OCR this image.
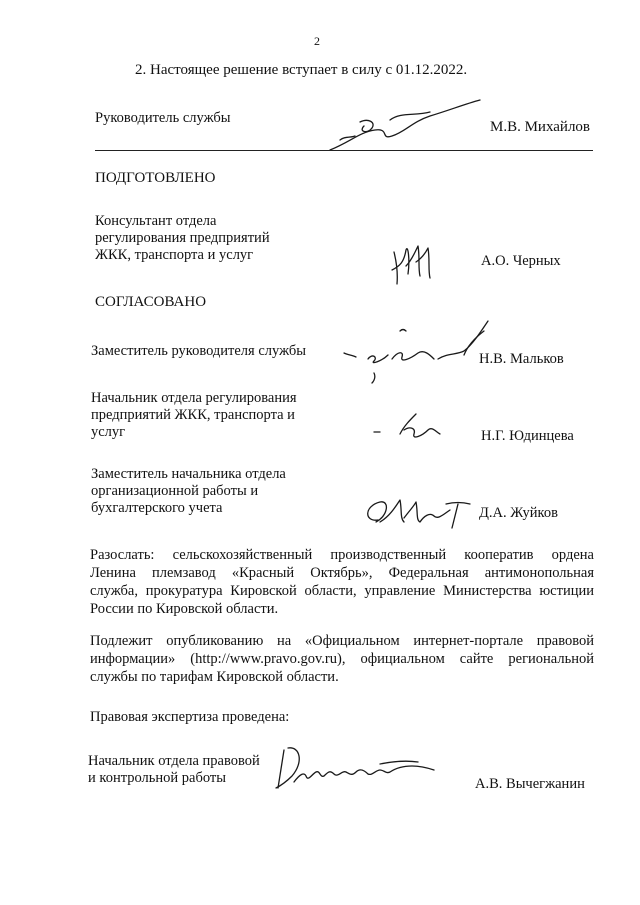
2
2. Настоящее решение вступает в силу с 01.12.2022.
Руководитель службы
М.В. Михайлов
ПОДГОТОВЛЕНО
Консультант отдела
регулирования предприятий
ЖКК, транспорта и услуг	А.О. Черных
СОГЛАСОВАНО
Заместитель руководителя службы	Н.В. Мальков
Начальник отдела регулирования
предприятий ЖКК, транспорта и
услуг	Н.Г. Юдинцева
Заместитель начальника отдела
организационной работы и
бухгалтерского учета	Д.А. Жуйков
Разослать: сельскохозяйственный производственный кооператив ордена
Ленина племзавод «Красный Октябрь», Федеральная антимонопольная
служба, прокуратура Кировской области, управление Министерства юстиции
России по Кировской области.
Подлежит опубликованию на «Официальном интернет-портале правовой
информации» (http://www.pravo.gov.ru), официальном сайте региональной
службы по тарифам Кировской области.
Правовая экспертиза проведена:
Начальник отдела правовой
и контрольной работы	А.В. Вычегжанин
